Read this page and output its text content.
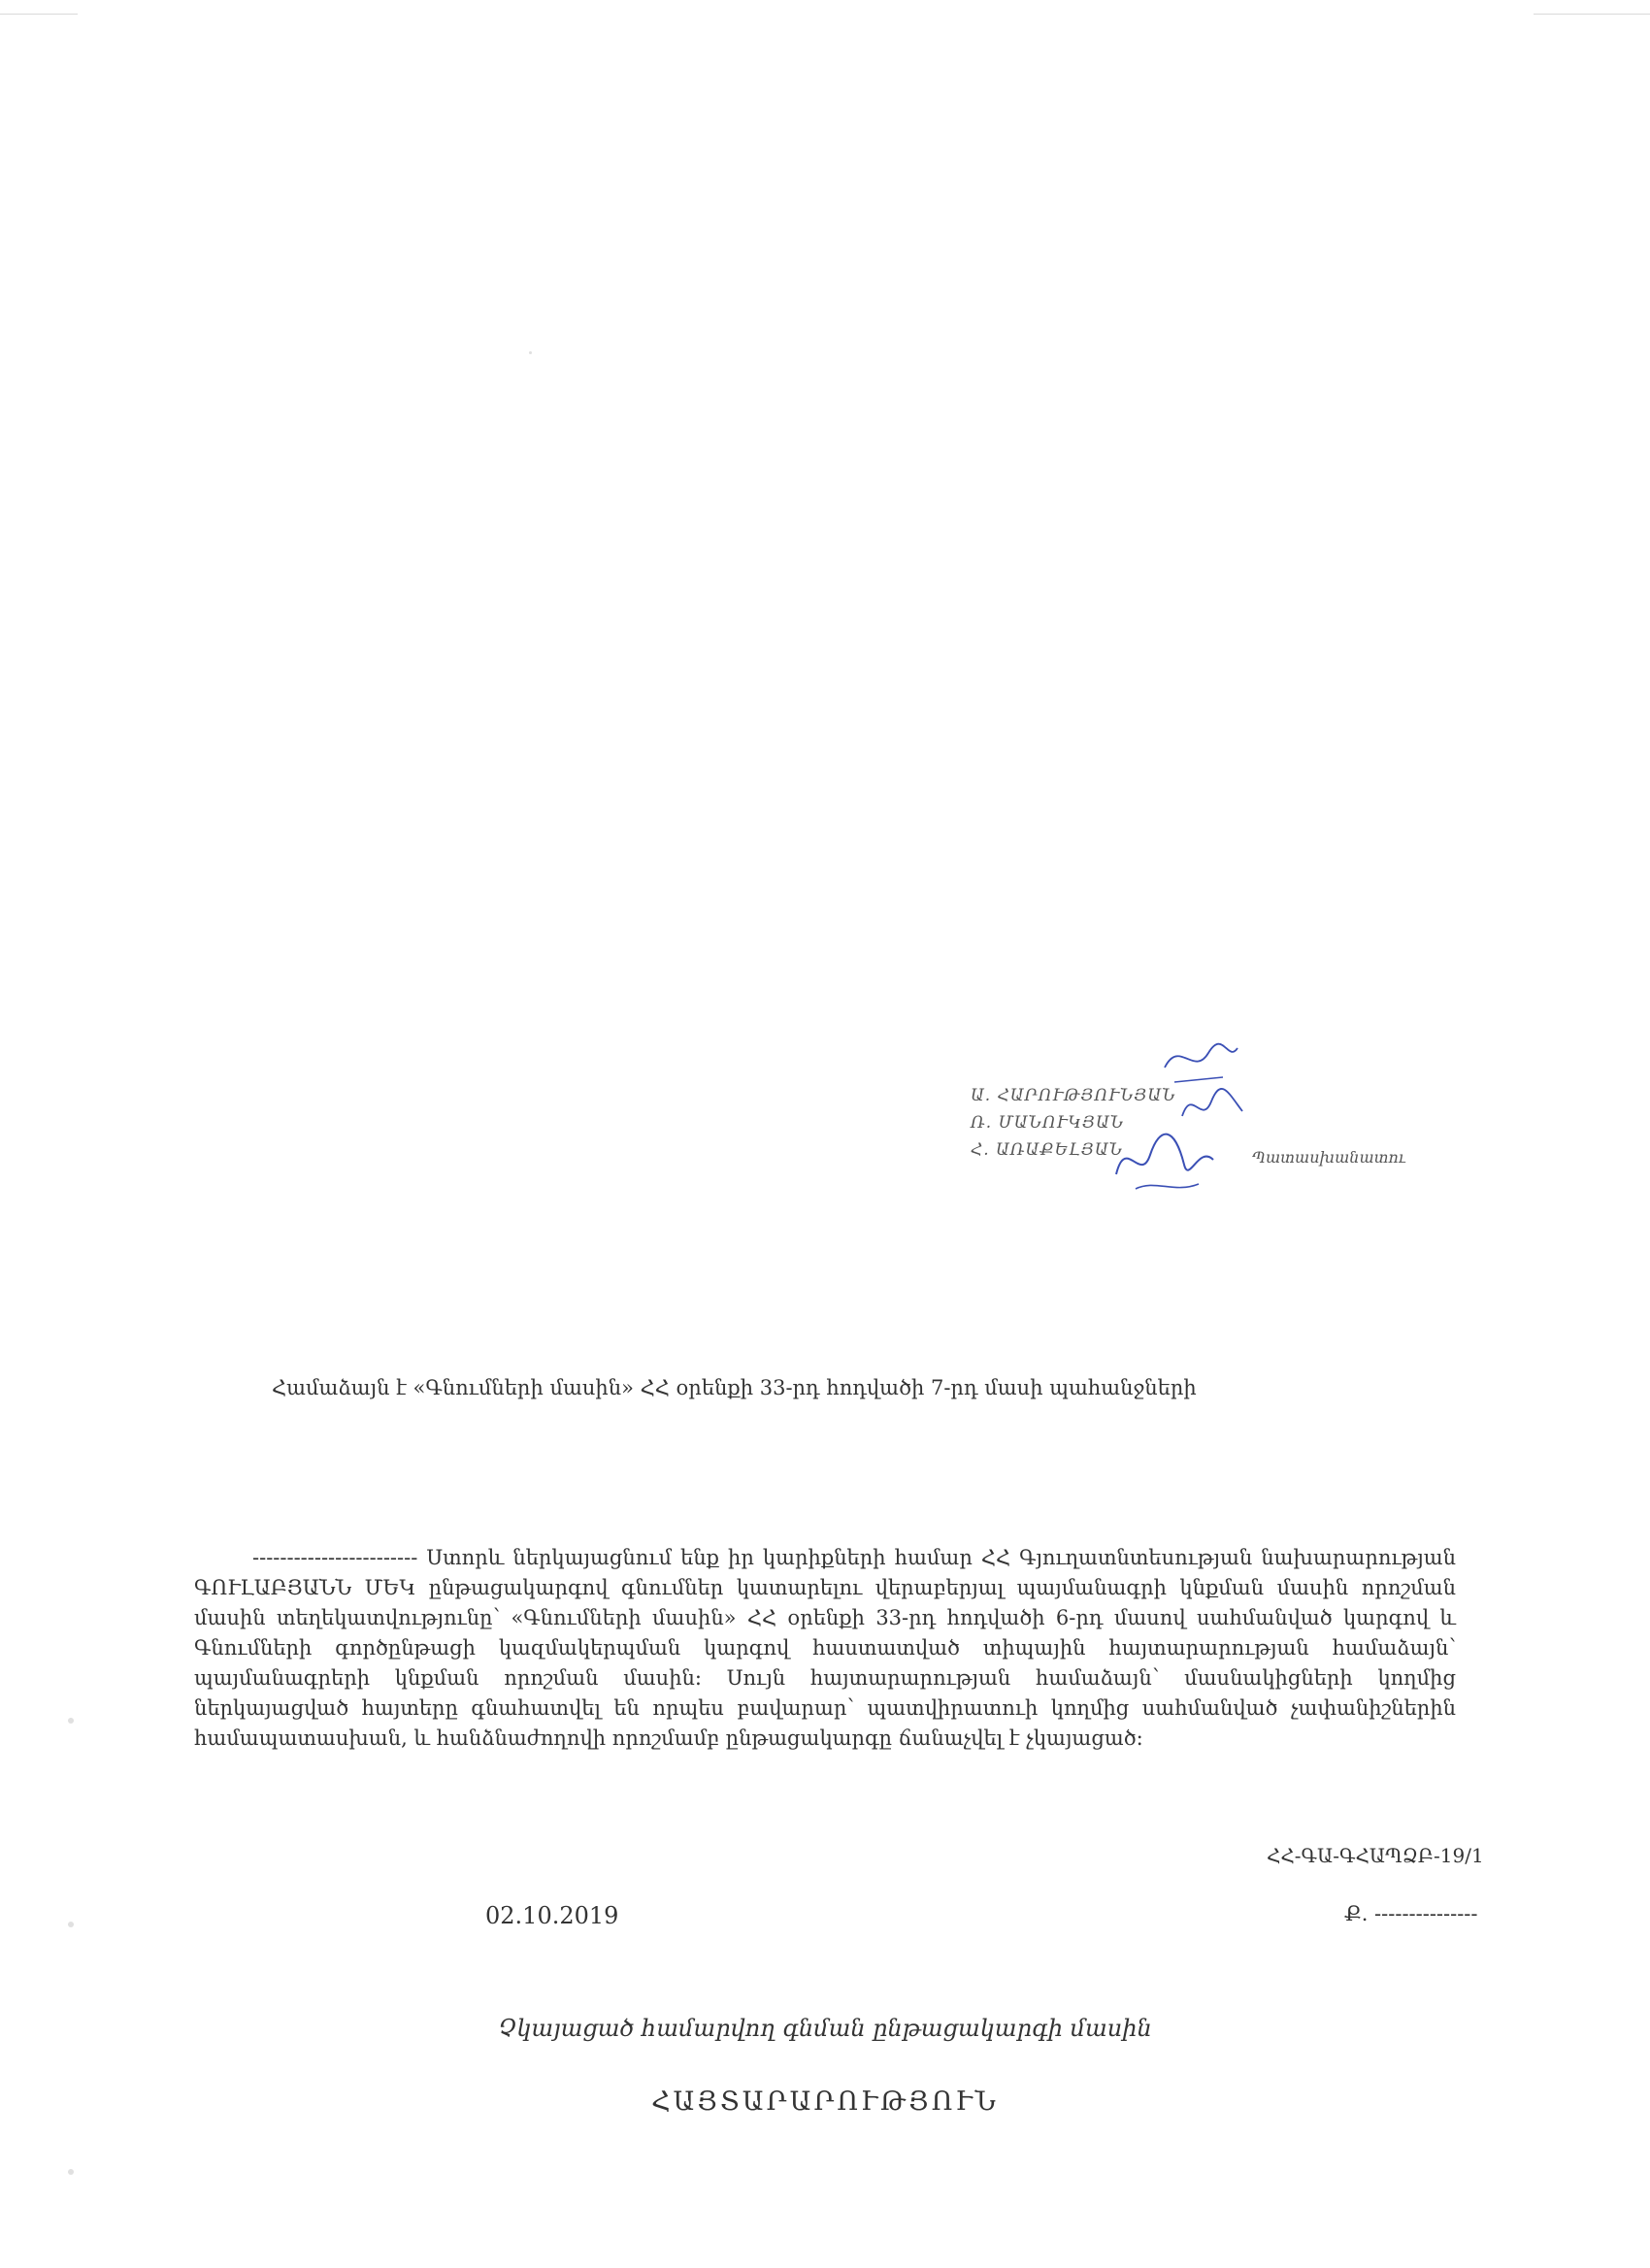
ՀԱՅՏԱՐԱՐՈՒԹՅՈՒՆ
Չկայացած համարվող գնման ընթացակարգի մասին
Ք. ---------------
02.10.2019
ՀՀ-ԳԱ-ԳՀԱՊՁԲ-19/1

------------------------ Ստորև ներկայացնում ենք իր կարիքների համար ՀՀ Գյուղատնտեսության նախարարության ԳՈՒԼԱԲՅԱՆՆ ՄԵԿ ընթացակարգով գնումներ կատարելու վերաբերյալ պայմանագրի կնքման մասին որոշման մասին տեղեկատվությունը՝ «Գնումների մասին» ՀՀ օրենքի 33-րդ հոդվածի 6-րդ մասով սահմանված կարգով և Գնումների գործընթացի կազմակերպման կարգով հաստատված տիպային հայտարարության համաձայն՝ պայմանագրերի կնքման որոշման մասին։ Սույն հայտարարության համաձայն՝ մասնակիցների կողմից ներկայացված հայտերը գնահատվել են որպես բավարար՝ պատվիրատուի կողմից սահմանված չափանիշներին համապատասխան, և հանձնաժողովի որոշմամբ ընթացակարգը ճանաչվել է չկայացած։

Համաձայն է «Գնումների մասին» ՀՀ օրենքի 33-րդ հոդվածի 7-րդ մասի պահանջների
Պատասխանատու
Հ. ԱՌԱՔԵԼՅԱՆ
Ռ. ՄԱՆՈՒԿՅԱՆ
Ա. ՀԱՐՈՒԹՅՈՒՆՅԱՆ
